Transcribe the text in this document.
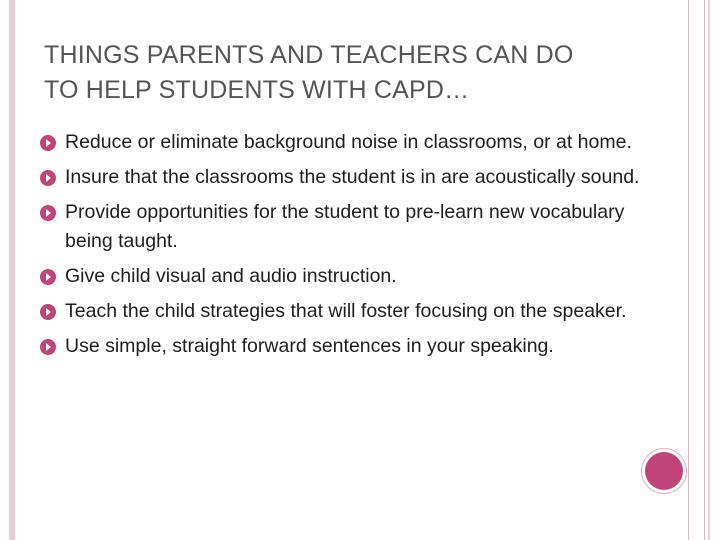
THINGS PARENTS AND TEACHERS CAN DO
TO HELP STUDENTS WITH CAPD…
Reduce or eliminate background noise in classrooms, or at home.
Insure that the classrooms the student is in are acoustically sound.
Provide opportunities for the student to pre-learn new vocabulary being taught.
Give child visual and audio instruction.
Teach the child strategies that will foster focusing on the speaker.
Use simple, straight forward sentences in your speaking.
